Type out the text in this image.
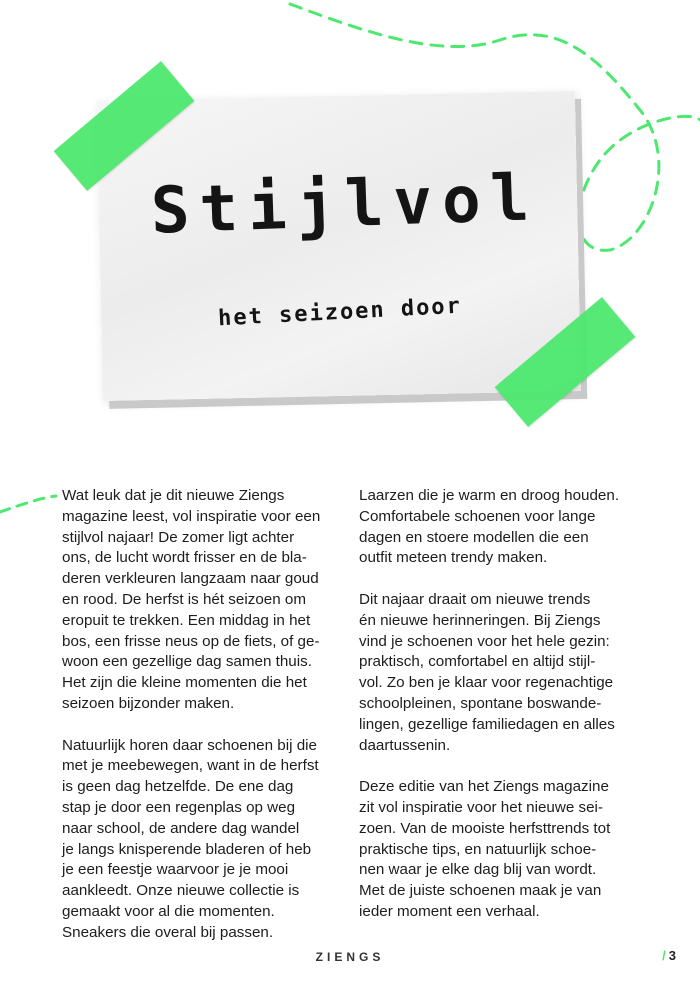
Stijlvol
het seizoen door

Wat leuk dat je dit nieuwe Ziengs
magazine leest, vol inspiratie voor een
stijlvol najaar! De zomer ligt achter
ons, de lucht wordt frisser en de bla-
deren verkleuren langzaam naar goud
en rood. De herfst is hét seizoen om
eropuit te trekken. Een middag in het
bos, een frisse neus op de fiets, of ge-
woon een gezellige dag samen thuis.
Het zijn die kleine momenten die het
seizoen bijzonder maken.

Natuurlijk horen daar schoenen bij die
met je meebewegen, want in de herfst
is geen dag hetzelfde. De ene dag
stap je door een regenplas op weg
naar school, de andere dag wandel
je langs knisperende bladeren of heb
je een feestje waarvoor je je mooi
aankleedt. Onze nieuwe collectie is
gemaakt voor al die momenten.
Sneakers die overal bij passen.

Laarzen die je warm en droog houden.
Comfortabele schoenen voor lange
dagen en stoere modellen die een
outfit meteen trendy maken.

Dit najaar draait om nieuwe trends
én nieuwe herinneringen. Bij Ziengs
vind je schoenen voor het hele gezin:
praktisch, comfortabel en altijd stijl-
vol. Zo ben je klaar voor regenachtige
schoolpleinen, spontane boswande-
lingen, gezellige familiedagen en alles
daartussenin.

Deze editie van het Ziengs magazine
zit vol inspiratie voor het nieuwe sei-
zoen. Van de mooiste herfsttrends tot
praktische tips, en natuurlijk schoe-
nen waar je elke dag blij van wordt.
Met de juiste schoenen maak je van
ieder moment een verhaal.

ZIENGS	/ 3
